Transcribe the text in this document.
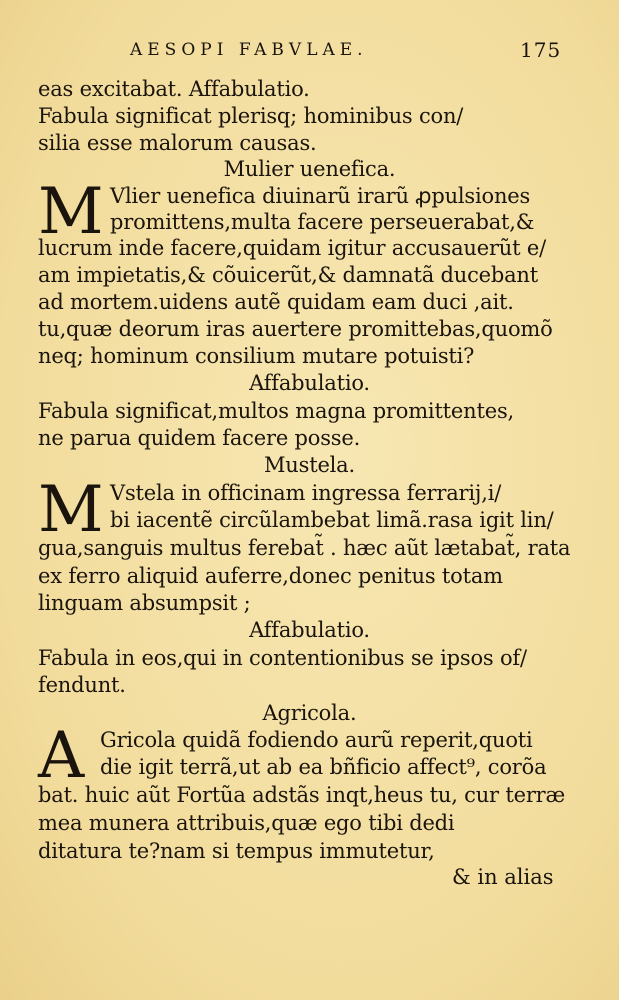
AESOPI FABVLAE.	175
eas excitabat. Affabulatio.
Fabula significat plerisq; hominibus con/
silia esse malorum causas.
Mulier uenefica.
M Vlier uenefica diuinarũ irarũ ꝓpulsiones
promittens,multa facere perseuerabat,&
lucrum inde facere,quidam igitur accusauerũt e/
am impietatis,& cõuicerũt,& damnatã ducebant
ad mortem.uidens autẽ quidam eam duci ,ait.
tu,quæ deorum iras auertere promittebas,quomõ
neq; hominum consilium mutare potuisti?
Affabulatio.
Fabula significat,multos magna promittentes,
ne parua quidem facere posse.
Mustela.
M Vstela in officinam ingressa ferrarij,i/
bi iacentẽ circũlambebat limã.rasa igit lin/
gua,sanguis multus ferebat̃ . hæc aũt lætabat̃, rata
ex ferro aliquid auferre,donec penitus totam
linguam absumpsit ;
Affabulatio.
Fabula in eos,qui in contentionibus se ipsos of/
fendunt.
Agricola.
A Gricola quidã fodiendo aurũ reperit,quoti
die igit terrã,ut ab ea bñficio affect⁹, corõa
bat. huic aũt Fortũa adstãs inqt,heus tu, cur terræ
mea munera attribuis,quæ ego tibi dedi
ditatura te?nam si tempus immutetur,
& in alias
